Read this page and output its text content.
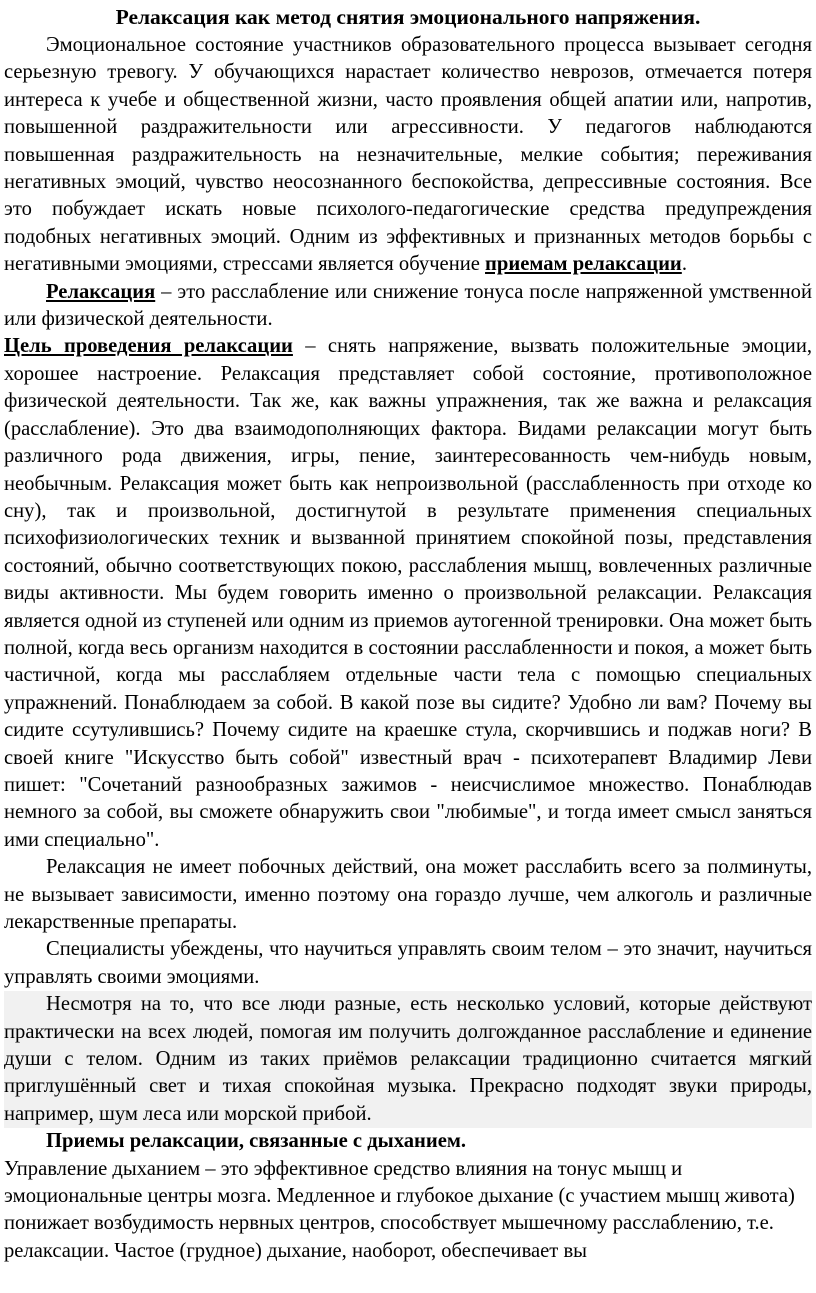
Релаксация как метод снятия эмоционального напряжения.

Эмоциональное состояние участников образовательного процесса вызывает сегодня серьезную тревогу. У обучающихся нарастает количество неврозов, отмечается потеря интереса к учебе и общественной жизни, часто проявления общей апатии или, напротив, повышенной раздражительности или агрессивности. У педагогов наблюдаются повышенная раздражительность на незначительные, мелкие события; переживания негативных эмоций, чувство неосознанного беспокойства, депрессивные состояния. Все это побуждает искать новые психолого-педагогические средства предупреждения подобных негативных эмоций. Одним из эффективных и признанных методов борьбы с негативными эмоциями, стрессами является обучение приемам релаксации.

Релаксация – это расслабление или снижение тонуса после напряженной умственной или физической деятельности.

Цель проведения релаксации – снять напряжение, вызвать положительные эмоции, хорошее настроение. Релаксация представляет собой состояние, противоположное физической деятельности. Так же, как важны упражнения, так же важна и релаксация (расслабление). Это два взаимодополняющих фактора. Видами релаксации могут быть различного рода движения, игры, пение, заинтересованность чем-нибудь новым, необычным. Релаксация может быть как непроизвольной (расслабленность при отходе ко сну), так и произвольной, достигнутой в результате применения специальных психофизиологических техник и вызванной принятием спокойной позы, представления состояний, обычно соответствующих покою, расслабления мышц, вовлеченных различные виды активности. Мы будем говорить именно о произвольной релаксации. Релаксация является одной из ступеней или одним из приемов аутогенной тренировки. Она может быть полной, когда весь организм находится в состоянии расслабленности и покоя, а может быть частичной, когда мы расслабляем отдельные части тела с помощью специальных упражнений. Понаблюдаем за собой. В какой позе вы сидите? Удобно ли вам? Почему вы сидите ссутулившись? Почему сидите на краешке стула, скорчившись и поджав ноги? В своей книге "Искусство быть собой" известный врач - психотерапевт Владимир Леви пишет: "Сочетаний разнообразных зажимов - неисчислимое множество. Понаблюдав немного за собой, вы сможете обнаружить свои "любимые", и тогда имеет смысл заняться ими специально".

Релаксация не имеет побочных действий, она может расслабить всего за полминуты, не вызывает зависимости, именно поэтому она гораздо лучше, чем алкоголь и различные лекарственные препараты.

Специалисты убеждены, что научиться управлять своим телом – это значит, научиться управлять своими эмоциями.

Несмотря на то, что все люди разные, есть несколько условий, которые действуют практически на всех людей, помогая им получить долгожданное расслабление и единение души с телом. Одним из таких приёмов релаксации традиционно считается мягкий приглушённый свет и тихая спокойная музыка. Прекрасно подходят звуки природы, например, шум леса или морской прибой.

Приемы релаксации, связанные с дыханием.

Управление дыханием – это эффективное средство влияния на тонус мышц и эмоциональные центры мозга. Медленное и глубокое дыхание (с участием мышц живота) понижает возбудимость нервных центров, способствует мышечному расслаблению, т.е. релаксации. Частое (грудное) дыхание, наоборот, обеспечивает вы
